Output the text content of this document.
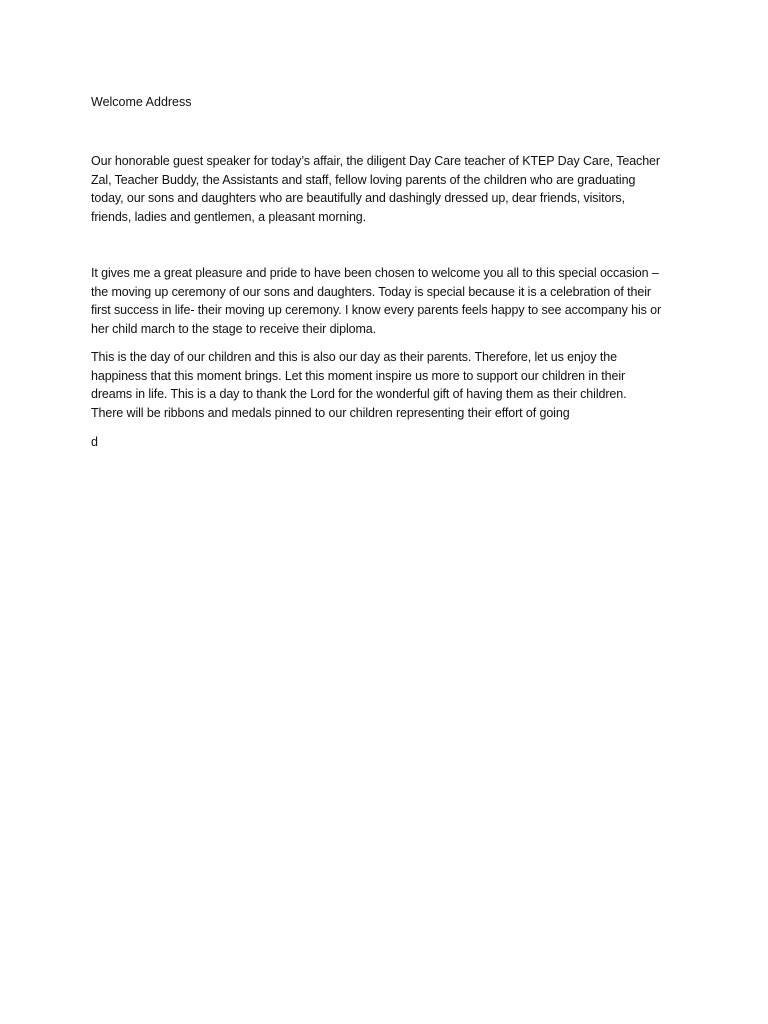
Welcome Address

Our honorable guest speaker for today’s affair, the diligent Day Care teacher of KTEP Day Care, Teacher
Zal, Teacher Buddy, the Assistants and staff, fellow loving parents of the children who are graduating
today, our sons and daughters who are beautifully and dashingly dressed up, dear friends, visitors,
friends, ladies and gentlemen, a pleasant morning.

It gives me a great pleasure and pride to have been chosen to welcome you all to this special occasion –
the moving up ceremony of our sons and daughters. Today is special because it is a celebration of their
first success in life- their moving up ceremony. I know every parents feels happy to see accompany his or
her child march to the stage to receive their diploma.

This is the day of our children and this is also our day as their parents. Therefore, let us enjoy the
happiness that this moment brings. Let this moment inspire us more to support our children in their
dreams in life. This is a day to thank the Lord for the wonderful gift of having them as their children.
There will be ribbons and medals pinned to our children representing their effort of going

d
